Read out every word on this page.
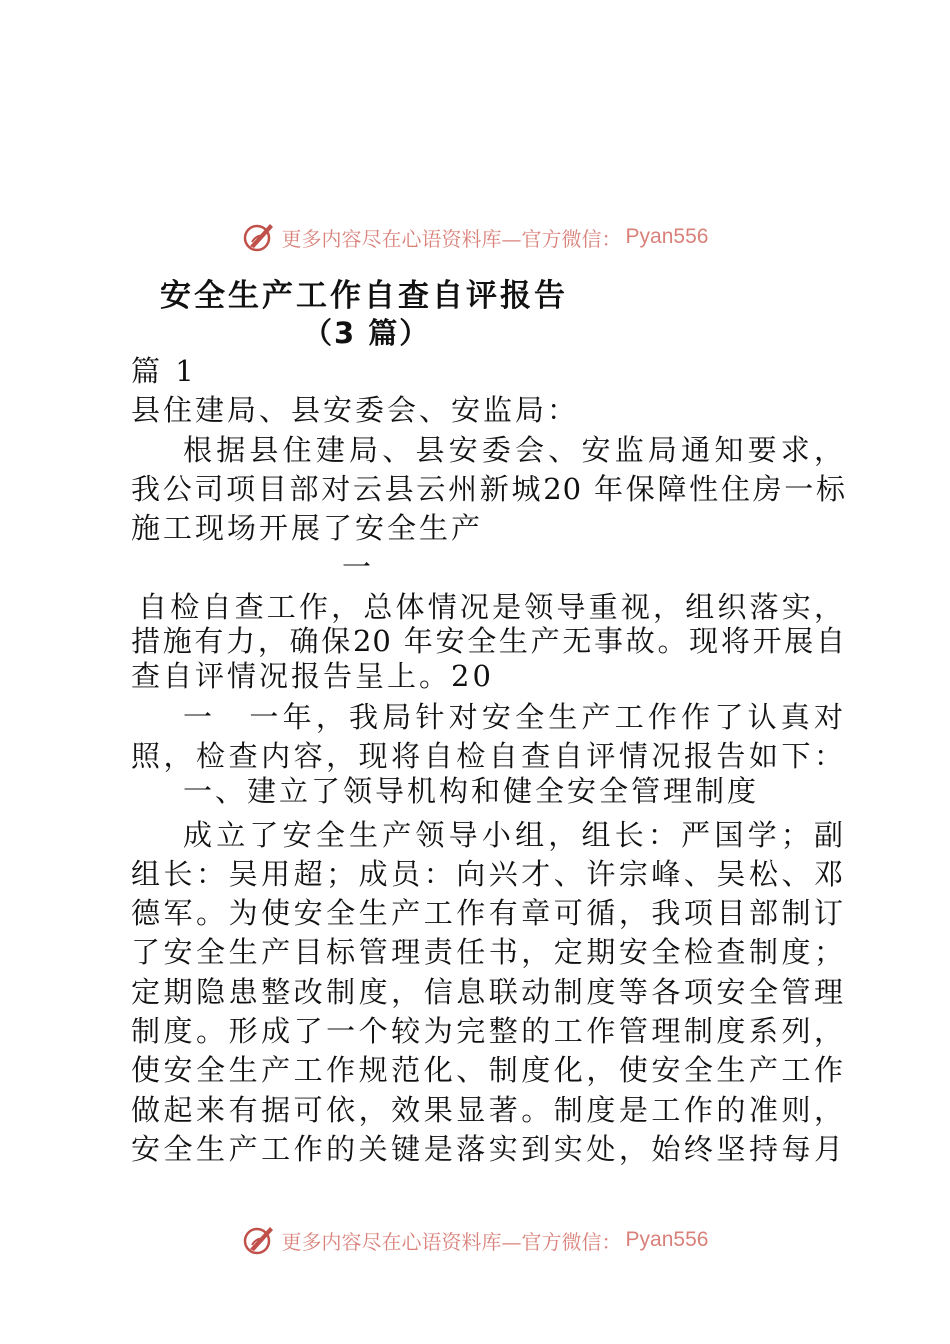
更多内容尽在心语资料库—官方微信： Pyan556
安全生产工作自查自评报告
（3 篇）
篇 1
县住建局、县安委会、安监局：
根据县住建局、县安委会、安监局通知要求，
我公司项目部对云县云州新城20 年保障性住房一标
施工现场开展了安全生产
一
自检自查工作，总体情况是领导重视，组织落实，
措施有力，确保20 年安全生产无事故。现将开展自
查自评情况报告呈上。20
一　一年，我局针对安全生产工作作了认真对
照，检查内容，现将自检自查自评情况报告如下：
一、建立了领导机构和健全安全管理制度
成立了安全生产领导小组，组长：严国学；副
组长：吴用超；成员：向兴才、许宗峰、吴松、邓
德军。为使安全生产工作有章可循，我项目部制订
了安全生产目标管理责任书，定期安全检查制度；
定期隐患整改制度，信息联动制度等各项安全管理
制度。形成了一个较为完整的工作管理制度系列，
使安全生产工作规范化、制度化，使安全生产工作
做起来有据可依，效果显著。制度是工作的准则，
安全生产工作的关键是落实到实处，始终坚持每月
更多内容尽在心语资料库—官方微信： Pyan556
